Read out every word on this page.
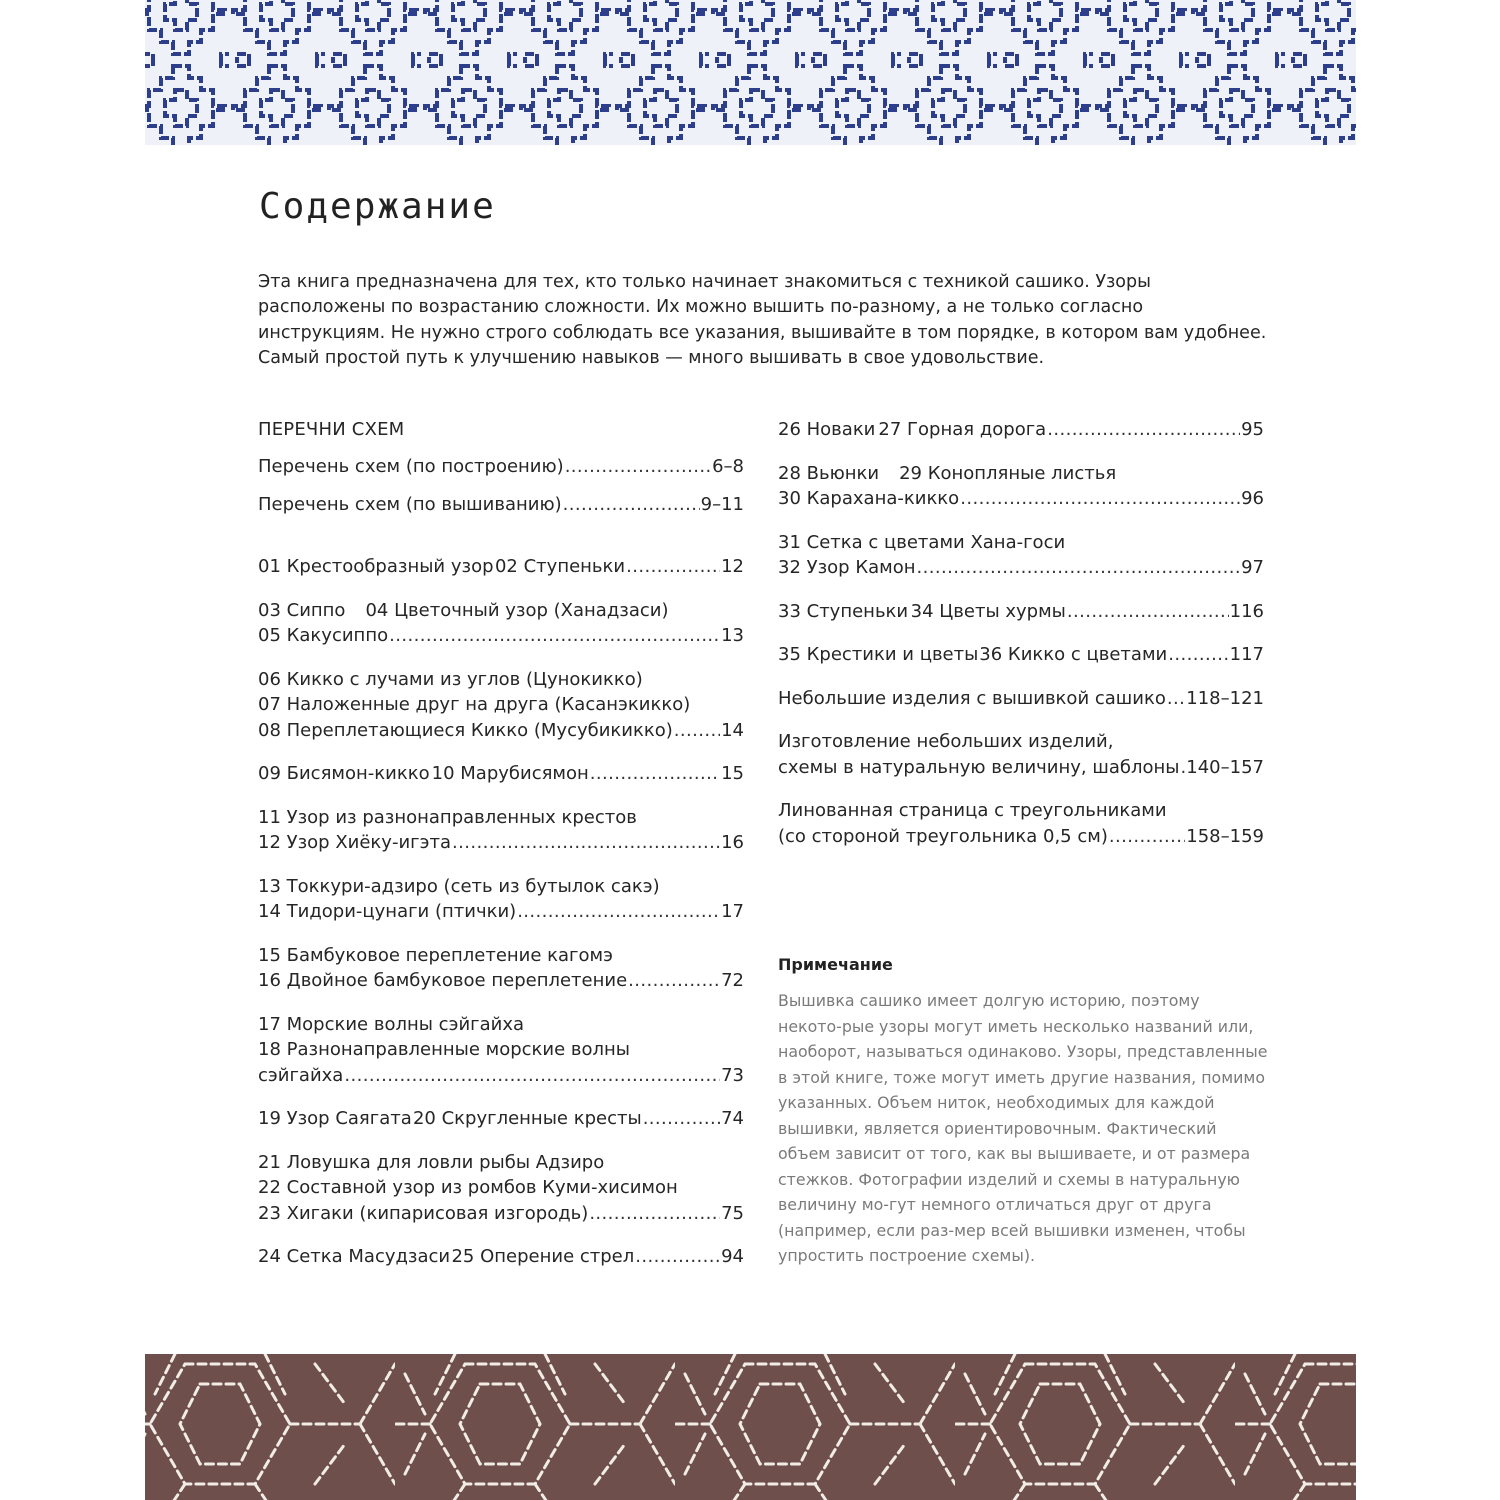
Содержание
Эта книга предназначена для тех, кто только начинает знакомиться с техникой сашико. Узоры расположены по возрастанию сложности. Их можно вышить по-разному, а не только согласно инструкциям. Не нужно строго соблюдать все указания, вышивайте в том порядке, в котором вам удобнее. Самый простой путь к улучшению навыков — много вышивать в свое удовольствие.
ПЕРЕЧНИ СХЕМ
Перечень схем (по построению) .....	6–8
Перечень схем (по вышиванию) .....	9–11
01 Крестообразный узор 02 Ступеньки .....	12
03 Сиппо 04 Цветочный узор (Ханадзаси)
05 Какусиппо .....	13
06 Кикко с лучами из углов (Цунокикко)
07 Наложенные друг на друга (Касанэкикко)
08 Переплетающиеся Кикко (Мусубикикко) .....	14
09 Бисямон-кикко 10 Марубисямон .....	15
11 Узор из разнонаправленных крестов
12 Узор Хиёку-игэта .....	16
13 Токкури-адзиро (сеть из бутылок сакэ)
14 Тидори-цунаги (птички) .....	17
15 Бамбуковое переплетение кагомэ
16 Двойное бамбуковое переплетение .....	72
17 Морские волны сэйгайха
18 Разнонаправленные морские волны
сэйгайха .....	73
19 Узор Саягата 20 Скругленные кресты .....	74
21 Ловушка для ловли рыбы Адзиро
22 Составной узор из ромбов Куми-хисимон
23 Хигаки (кипарисовая изгородь) .....	75
24 Сетка Масудзаси 25 Оперение стрел .....	94
26 Новаки 27 Горная дорога .....	95
28 Вьюнки 29 Конопляные листья
30 Карахана-кикко .....	96
31 Сетка с цветами Хана-госи
32 Узор Камон .....	97
33 Ступеньки 34 Цветы хурмы .....	116
35 Крестики и цветы 36 Кикко с цветами .....	117
Небольшие изделия с вышивкой сашико ..... 118–121
Изготовление небольших изделий,
схемы в натуральную величину, шаблоны ..... 140–157
Линованная страница с треугольниками
(со стороной треугольника 0,5 см) .....	158–159
Примечание
Вышивка сашико имеет долгую историю, поэтому некото-рые узоры могут иметь несколько названий или, наоборот, называться одинаково. Узоры, представленные в этой книге, тоже могут иметь другие названия, помимо указанных. Объем ниток, необходимых для каждой вышивки, является ориентировочным. Фактический объем зависит от того, как вы вышиваете, и от размера стежков. Фотографии изделий и схемы в натуральную величину мо-гут немного отличаться друг от друга (например, если раз-мер всей вышивки изменен, чтобы упростить построение схемы).
